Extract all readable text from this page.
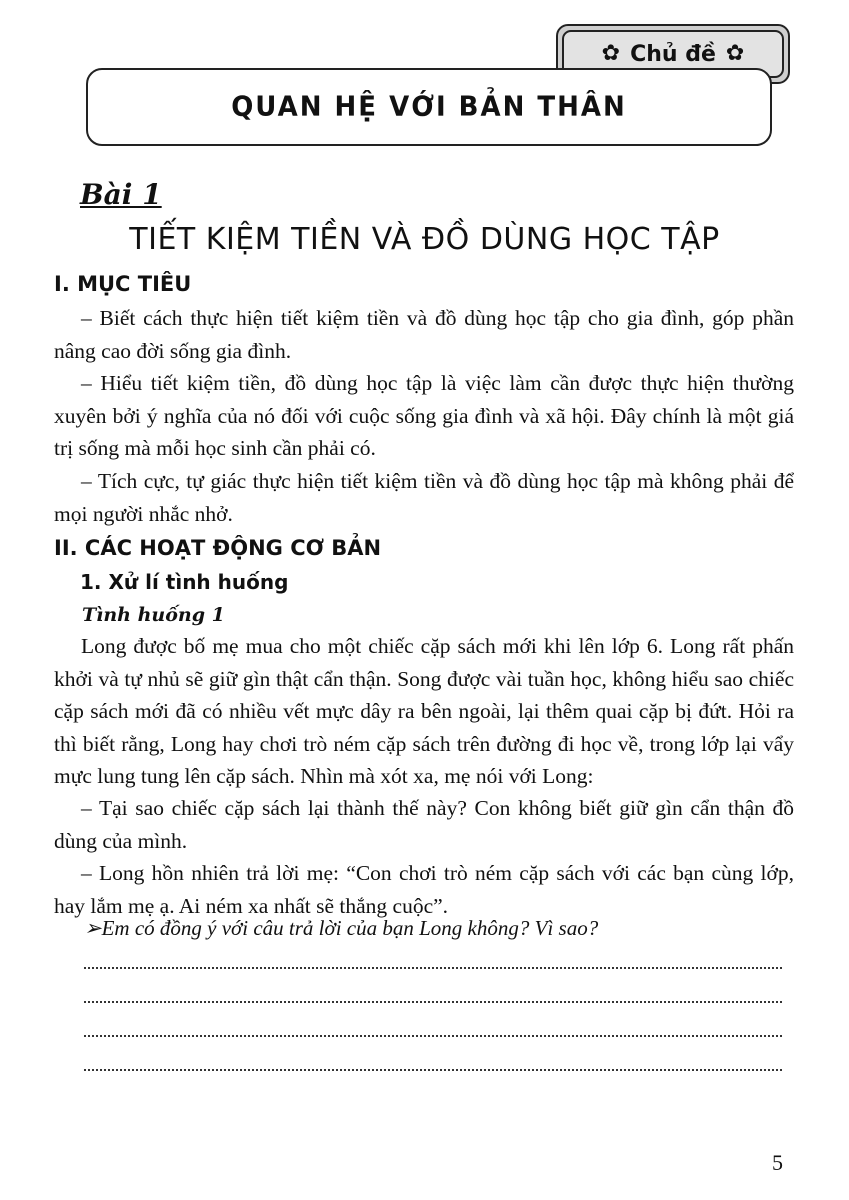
✿ Chủ đề ✿
QUAN HỆ VỚI BẢN THÂN
Bài 1
TIẾT KIỆM TIỀN VÀ ĐỒ DÙNG HỌC TẬP
I. MỤC TIÊU

– Biết cách thực hiện tiết kiệm tiền và đồ dùng học tập cho gia đình, góp phần nâng cao đời sống gia đình.

– Hiểu tiết kiệm tiền, đồ dùng học tập là việc làm cần được thực hiện thường xuyên bởi ý nghĩa của nó đối với cuộc sống gia đình và xã hội. Đây chính là một giá trị sống mà mỗi học sinh cần phải có.

– Tích cực, tự giác thực hiện tiết kiệm tiền và đồ dùng học tập mà không phải để mọi người nhắc nhở.

II. CÁC HOẠT ĐỘNG CƠ BẢN
1. Xử lí tình huống
Tình huống 1

Long được bố mẹ mua cho một chiếc cặp sách mới khi lên lớp 6. Long rất phấn khởi và tự nhủ sẽ giữ gìn thật cẩn thận. Song được vài tuần học, không hiểu sao chiếc cặp sách mới đã có nhiều vết mực dây ra bên ngoài, lại thêm quai cặp bị đứt. Hỏi ra thì biết rằng, Long hay chơi trò ném cặp sách trên đường đi học về, trong lớp lại vẩy mực lung tung lên cặp sách. Nhìn mà xót xa, mẹ nói với Long:

– Tại sao chiếc cặp sách lại thành thế này? Con không biết giữ gìn cẩn thận đồ dùng của mình.

– Long hồn nhiên trả lời mẹ: “Con chơi trò ném cặp sách với các bạn cùng lớp, hay lắm mẹ ạ. Ai ném xa nhất sẽ thắng cuộc”.

➢Em có đồng ý với câu trả lời của bạn Long không? Vì sao?
5
